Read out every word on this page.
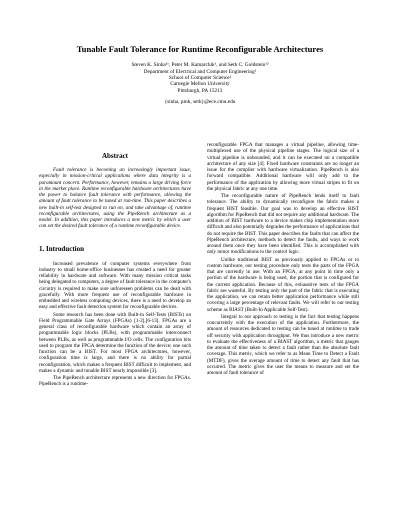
Tunable Fault Tolerance for Runtime Reconfigurable Architectures
Steven K. Sinha¹¹, Peter M. Kamarchik¹, and Seth C. Goldstein¹²
Department of Electrical and Computer Engineering¹
School of Computer Science²
Carnegie Mellon University
Pittsburgh, PA 15213
{sinha, pmk, seth}@ece.cmu.edu
Abstract

Fault tolerance is becoming an increasingly important issue, especially in mission-critical applications where data integrity is a paramount concern. Performance, however, remains a large driving force in the market place. Runtime reconfigurable hardware architectures have the power to balance fault tolerance with performance, allowing the amount of fault tolerance to be tuned at run-time. This paper describes a new built-in self-test designed to run on, and take advantage of, runtime reconfigurable architectures, using the PipeRench architecture as a model. In addition, this paper introduces a new metric by which a user can set the desired fault tolerance of a runtime reconfigurable device.

1. Introduction

Increased prevalence of computer systems everywhere from industry to small home-office businesses has created a need for greater reliability in hardware and software. With many mission critical tasks being delegated to computers, a degree of fault tolerance in the computer's circuitry is required to make sure unforeseen problems can be dealt with gracefully. With more frequent use of reconfigurable hardware in embedded and wireless computing devices, there is a need to develop an easy and effective fault detection system for reconfigurable devices.

Some research has been done with Built-in Self-Tests (BISTs) on Field Programmable Gate Arrays (FPGAs) [1-2],[6-13]. FPGAs are a general class of reconfigurable hardware which contain an array of programmable logic blocks (PLBs), with programmable interconnect between PLBs, as well as programmable I/O cells. The configuration bits used to program the FPGA determine the function of the device; one such function can be a BIST. For most FPGA architectures, however, configuration time is large, and there is no ability for partial reconfiguration, which makes a frequent BIST difficult to implement, and makes a dynamic and tunable BIST nearly impossible [3].

The PipeRench architecture represents a new direction for FPGAs. PipeRench is a runtime-

reconfigurable FPGA that manages a virtual pipeline, allowing time-multiplexed use of the physical pipeline stages. The logical size of a virtual pipeline is unbounded, and it can be executed on a compatible architecture of any size [4]. Fixed hardware constraints are no longer an issue for the compiler with hardware virtualization. PipeRench is also forward compatible. Additional hardware will only add to the performance of the application by allowing more virtual stripes to fit on the physical fabric at any one time.

The reconfigurable nature of PipeRench lends itself to fault tolerance. The ability to dynamically reconfigure the fabric makes a frequent BIST feasible. Our goal was to develop an effective BIST algorithm for PipeRench that did not require any additional hardware. The addition of BIST hardware to a device makes chip implementation more difficult and also potentially degrades the performance of applications that do not require the BIST. This paper describes the faults that can affect the PipeRench architecture, methods to detect the faults, and ways to work around them once they have been identified. This is accomplished with only minor modifications to the control logic.

Unlike traditional BIST as previously applied to FPGAs or to custom hardware, our testing procedure only tests the parts of the FPGA that are currently in use. With an FPGA, at any point in time only a portion of the hardware is being used, the portion that is configured for the current application. Because of this, exhaustive tests of the FPGA fabric are wasteful. By testing only the part of the fabric that is executing the application, we can retain better application performance while still covering a large percentage of relevant faults. We will refer to our testing scheme as BIAST (Built-In Applicable Self-Test).

Integral to our approach to testing is the fact that testing happens concurrently with the execution of the application. Furthermore, the amount of resources dedicated to testing can be tuned at runtime to trade off security with application throughput. We thus introduce a new metric to evaluate the effectiveness of a BIAST algorithm, a metric that gauges the amount of time taken to detect a fault rather than the absolute fault coverage. This metric, which we refer to as Mean Time to Detect a Fault (MTDF), gives the average amount of time to detect any fault that has occurred. The metric gives the user the means to measure and set the amount of fault tolerance of
